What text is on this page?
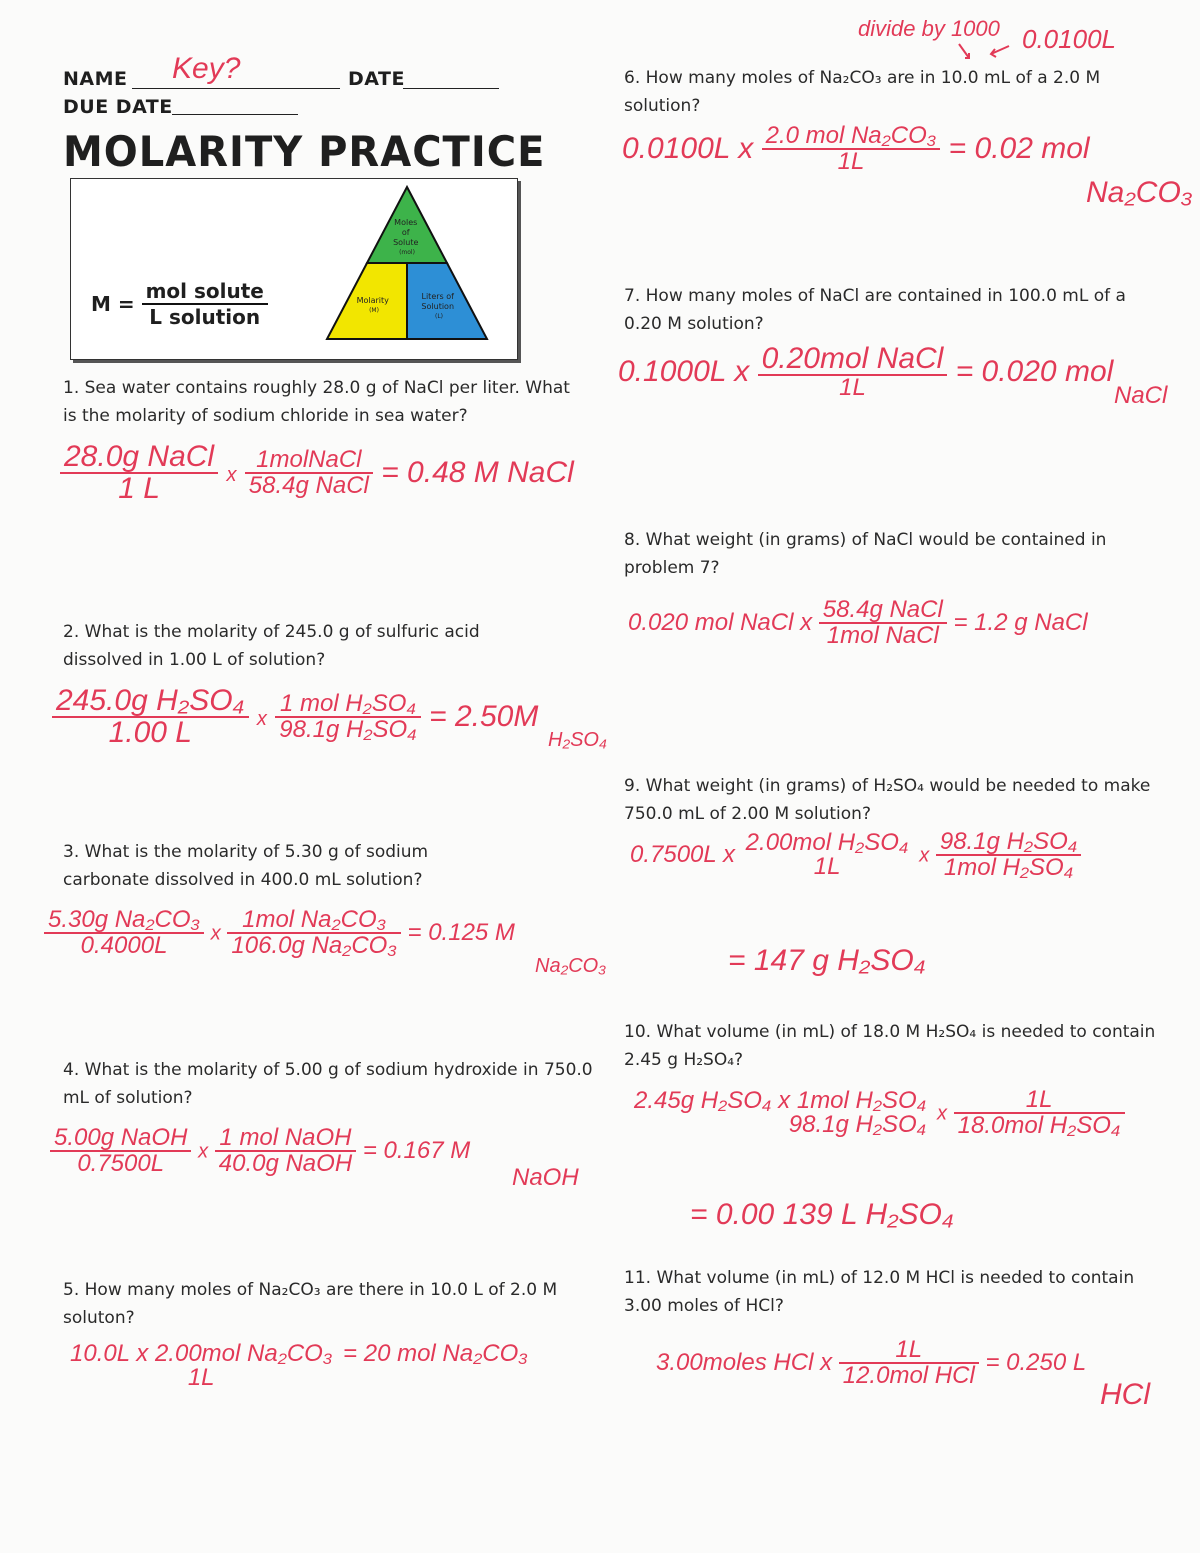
NAME Key?	DATE
DUE DATE
MOLARITY PRACTICE
$M = \frac{\text{mol solute}}{\text{L solution}}$
Moles of Solute (mol)
Molarity (M)
Liters of Solution (L)
divide by 1000 0.0100L
1. Sea water contains roughly 28.0 g of NaCl per liter. What is the molarity of sodium chloride in sea water?
$\frac{\text{28.0g NaCl}}{1 L}$ x $\frac{\text{1molNaCl}}{\text{58.4g NaCl}} = 0.48$ M NaCl
2. What is the molarity of 245.0 g of sulfuric acid dissolved in 1.00 L of solution?
$\frac{\text{245.0g H₂SO₄}}{1.00 L}$ x $\frac{\text{1 mol H₂SO₄}}{\text{98.1g H₂SO₄}} = 2.50M$
H₂SO₄
3. What is the molarity of 5.30 g of sodium carbonate dissolved in 400.0 mL solution?
$\frac{\text{5.30g Na₂CO₃}}{0.4000L}$ x $\frac{\text{1mol Na₂CO₃}}{\text{106.0g Na₂CO₃}} = 0.125$ M
Na₂CO₃
4. What is the molarity of 5.00 g of sodium hydroxide in 750.0 mL of solution?
$\frac{\text{5.00g NaOH}}{0.7500L}$ x $\frac{\text{1 mol NaOH}}{\text{40.0g NaOH}} = 0.167$ M
NaOH
5. How many moles of Na₂CO₃ are there in 10.0 L of 2.0 M soluton?
10.0L x 2.00mol Na₂CO₃
1L
= 20 mol Na₂CO₃
6. How many moles of Na₂CO₃ are in 10.0 mL of a 2.0 M solution?
0.0100L x $\frac{\text{2.0 mol Na₂CO₃}}{1L} = 0.02$ mol
Na₂CO₃
7. How many moles of NaCl are contained in 100.0 mL of a 0.20 M solution?
0.1000L x $\frac{\text{0.20mol NaCl}}{1L} = 0.020$ mol
NaCl
8. What weight (in grams) of NaCl would be contained in problem 7?
0.020 mol NaCl x $\frac{\text{58.4g NaCl}}{\text{1mol NaCl}} = 1.2$ g NaCl
9. What weight (in grams) of H₂SO₄ would be needed to make 750.0 mL of 2.00 M solution?
0.7500L x 2.00mol H₂SO₄
1L	x $\frac{\text{98.1g H₂SO₄}}{\text{1mol H₂SO₄}}$
= 147 g H₂SO₄
10. What volume (in mL) of 18.0 M H₂SO₄ is needed to contain 2.45 g H₂SO₄?
2.45g H₂SO₄ x 1mol H₂SO₄
98.1g H₂SO₄ x $\frac{1L}{\text{18.0mol H₂SO₄}}$
= 0.00 139 L H₂SO₄
11. What volume (in mL) of 12.0 M HCl is needed to contain 3.00 moles of HCl?
3.00moles HCl x $\frac{1L}{\text{12.0mol HCl}} = 0.250$ L
HCl
